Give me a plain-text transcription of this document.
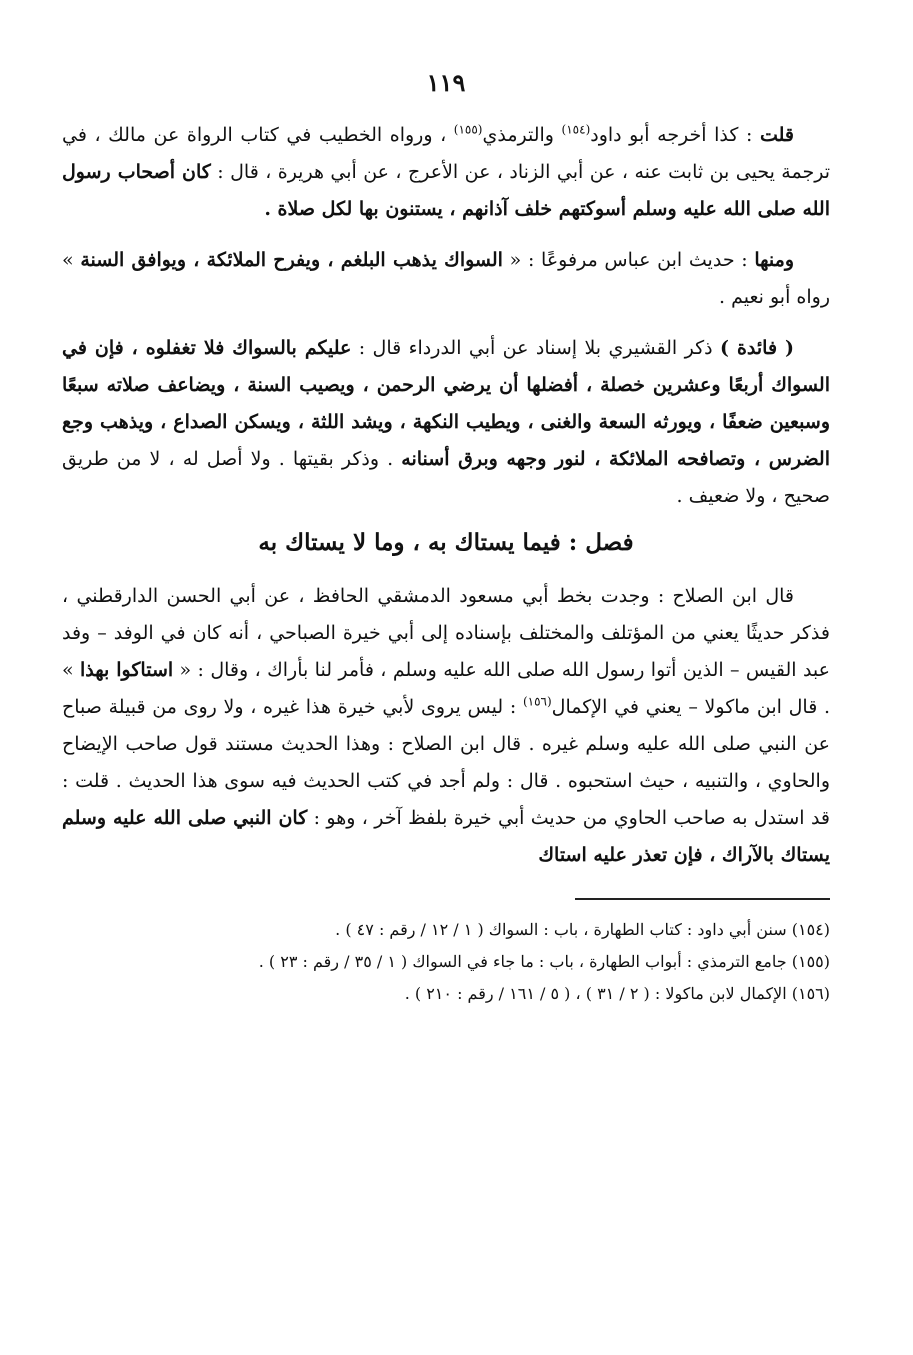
١١٩

قلت : كذا أخرجه أبو داود$^{(١٥٤)}$ والترمذي$^{(١٥٥)}$ ، ورواه الخطيب في كتاب الرواة عن مالك ، في ترجمة يحيى بن ثابت عنه ، عن أبي الزناد ، عن الأعرج ، عن أبي هريرة ، قال : كان أصحاب رسول الله صلى الله عليه وسلم أسوكتهم خلف آذانهم ، يستنون بها لكل صلاة .

ومنها : حديث ابن عباس مرفوعًا : « السواك يذهب البلغم ، ويفرح الملائكة ، ويوافق السنة » رواه أبو نعيم .

( فائدة ) ذكر القشيري بلا إسناد عن أبي الدرداء قال : عليكم بالسواك فلا تغفلوه ، فإن في السواك أربعًا وعشرين خصلة ، أفضلها أن يرضي الرحمن ، ويصيب السنة ، ويضاعف صلاته سبعًا وسبعين ضعفًا ، ويورثه السعة والغنى ، ويطيب النكهة ، ويشد اللثة ، ويسكن الصداع ، ويذهب وجع الضرس ، وتصافحه الملائكة ، لنور وجهه وبرق أسنانه . وذكر بقيتها . ولا أصل له ، لا من طريق صحيح ، ولا ضعيف .

فصل : فيما يستاك به ، وما لا يستاك به

قال ابن الصلاح : وجدت بخط أبي مسعود الدمشقي الحافظ ، عن أبي الحسن الدارقطني ، فذكر حديثًا يعني من المؤتلف والمختلف بإسناده إلى أبي خيرة الصباحي ، أنه كان في الوفد – وفد عبد القيس – الذين أتوا رسول الله صلى الله عليه وسلم ، فأمر لنا بأراك ، وقال : « استاكوا بهذا » . قال ابن ماكولا – يعني في الإكمال$^{(١٥٦)}$ : ليس يروى لأبي خيرة هذا غيره ، ولا روى من قبيلة صباح عن النبي صلى الله عليه وسلم غيره . قال ابن الصلاح : وهذا الحديث مستند قول صاحب الإيضاح والحاوي ، والتنبيه ، حيث استحبوه . قال : ولم أجد في كتب الحديث فيه سوى هذا الحديث . قلت : قد استدل به صاحب الحاوي من حديث أبي خيرة بلفظ آخر ، وهو : كان النبي صلى الله عليه وسلم يستاك بالآراك ، فإن تعذر عليه استاك

(١٥٤) سنن أبي داود : كتاب الطهارة ، باب : السواك ( ١ / ١٢ / رقم : ٤٧ ) .

(١٥٥) جامع الترمذي : أبواب الطهارة ، باب : ما جاء في السواك ( ١ / ٣٥ / رقم : ٢٣ ) .

(١٥٦) الإكمال لابن ماكولا : ( ٢ / ٣١ ) ، ( ٥ / ١٦١ / رقم : ٢١٠ ) .
